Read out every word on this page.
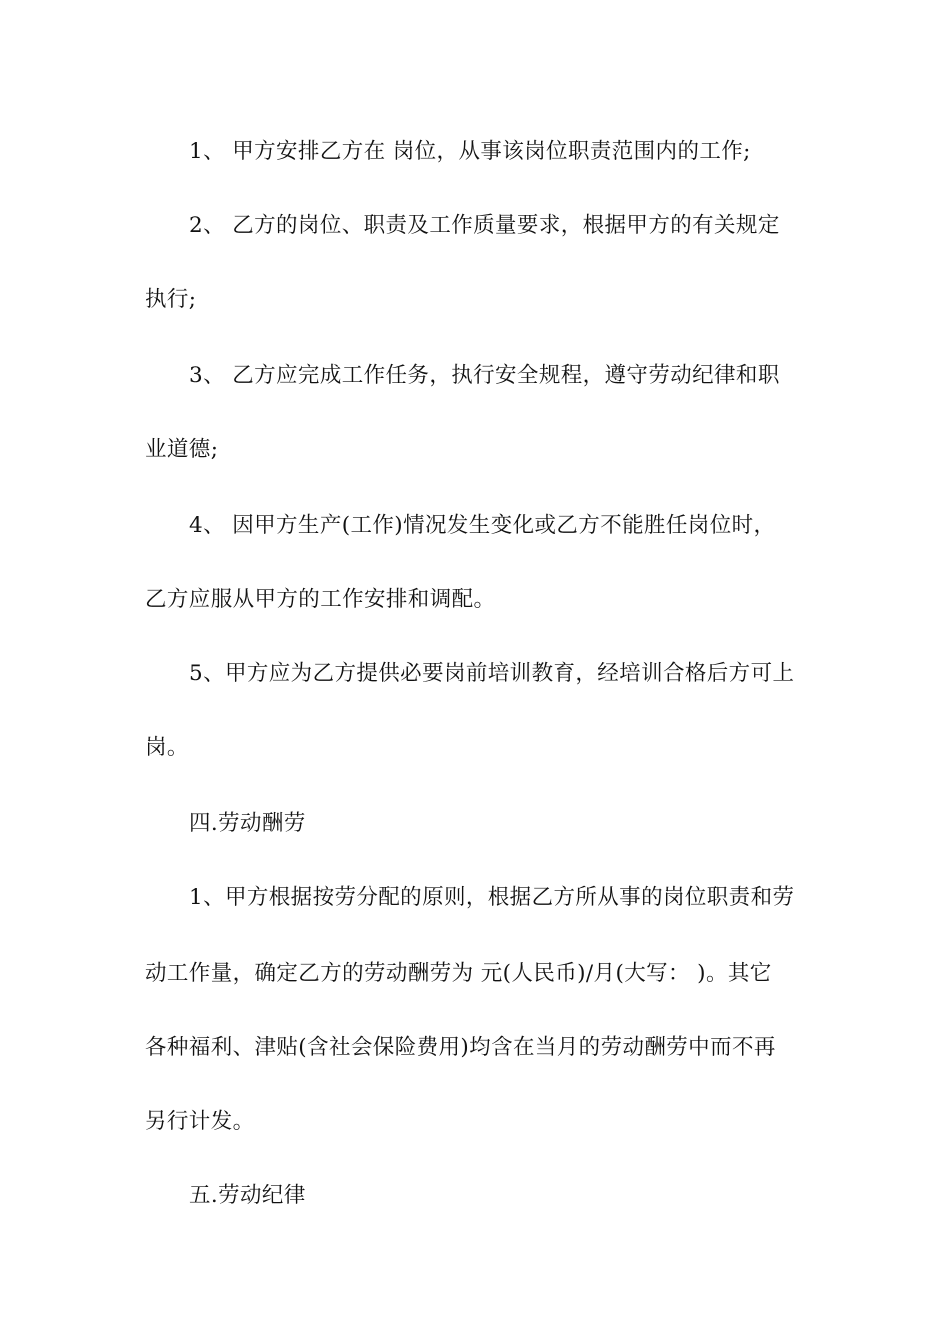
1、 甲方安排乙方在 岗位，从事该岗位职责范围内的工作;
2、 乙方的岗位、职责及工作质量要求，根据甲方的有关规定
执行;
3、 乙方应完成工作任务，执行安全规程，遵守劳动纪律和职
业道德;
4、 因甲方生产(工作)情况发生变化或乙方不能胜任岗位时，
乙方应服从甲方的工作安排和调配。
5、甲方应为乙方提供必要岗前培训教育，经培训合格后方可上
岗。
四.劳动酬劳
1、甲方根据按劳分配的原则，根据乙方所从事的岗位职责和劳
动工作量，确定乙方的劳动酬劳为 元(人民币)/月(大写： )。其它
各种福利、津贴(含社会保险费用)均含在当月的劳动酬劳中而不再
另行计发。
五.劳动纪律
